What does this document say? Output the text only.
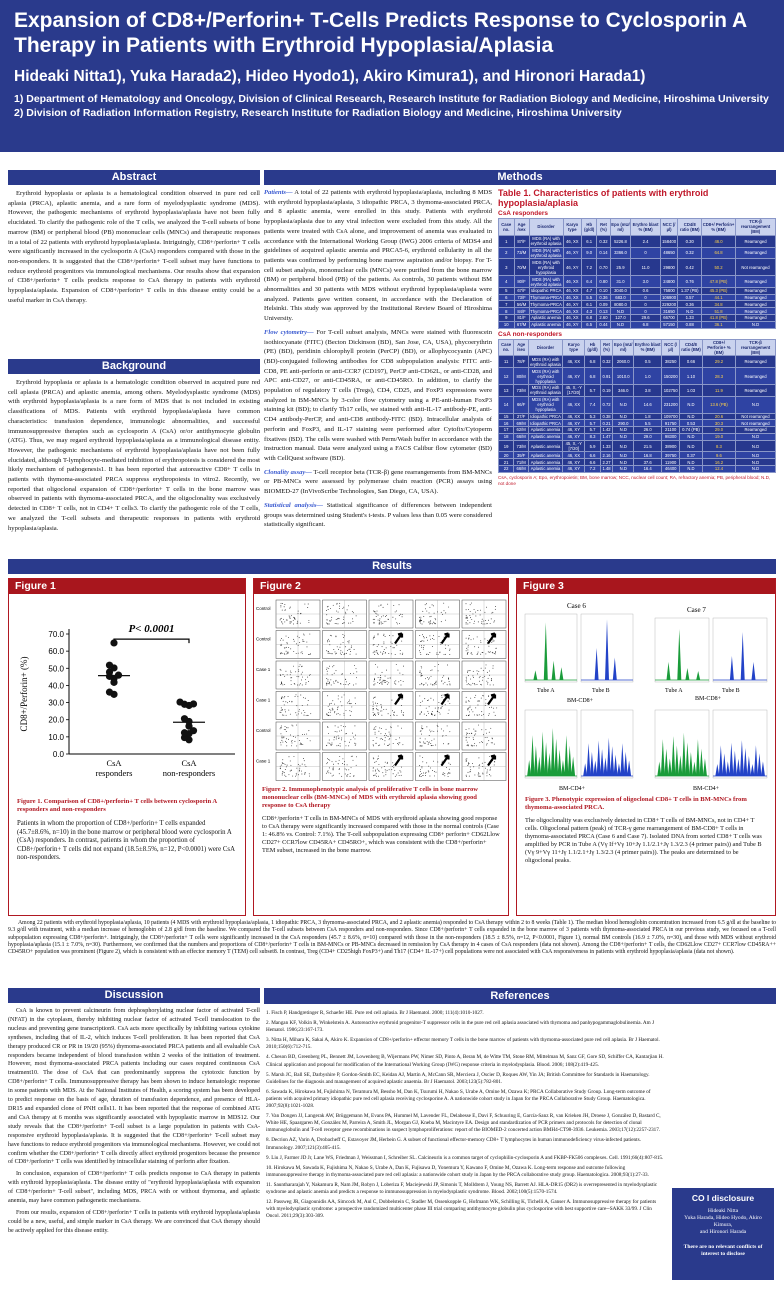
Expansion of CD8+/Perforin+ T-Cells Predicts Response to Cyclosporin A Therapy in Patients with Erythroid Hypoplasia/Aplasia
Hideaki Nitta1), Yuka Harada2), Hideo Hyodo1), Akiro Kimura1), and Hironori Harada1)
1) Department of Hematology and Oncology, Division of Clinical Research, Research Institute for Radiation Biology and Medicine, Hiroshima University
2) Division of Radiation Information Registry, Research Institute for Radiation Biology and Medicine, Hiroshima University
Abstract
Erythroid hypoplasia or aplasia is a hematological condition observed in pure red cell aplasia (PRCA), aplastic anemia, and a rare form of myelodysplastic syndrome (MDS). However, the pathogenic mechanisms of erythroid hypoplasia/aplasia have not been fully elucidated. To clarify the pathogenic role of the T cells, we analyzed the T-cell subsets of bone marrow (BM) or peripheral blood (PB) mononuclear cells (MNCs) and therapeutic responses in a total of 22 patients with erythroid hypoplasia/aplasia. Intriguingly, CD8+/perforin+ T cells were significantly increased in the cyclosporin A (CsA) responders compared with those in the non-responders. It is suggested that the CD8+/perforin+ T-cell subset may have functions to reduce erythroid progenitors via immunological mechanisms. Our results show that expansion of CD8+/perforin+ T cells predicts response to CsA therapy in patients with erythroid hypoplasia/aplasia. Expansion of CD8+/perforin+ T cells in this disease entity could be a useful marker in CsA therapy.
Background
Erythroid hypoplasia or aplasia is a hematologic condition observed in acquired pure red cell aplasia (PRCA) and aplastic anemia, among others. Myelodysplastic syndrome (MDS) with erythroid hypoplasia/aplasia is a rare form of MDS that is not included in existing classifications of MDS. Patients with erythroid hypoplasia/aplasia have common characteristics: transfusion dependence, immunologic abnormalities, and successful immunosuppressive therapies such as cyclosporin A (CsA) or/or antithymocyte globulin (ATG). Thus, we may regard erythroid hypoplasia/aplasia as a immunological disease entity. However, the pathogenic mechanisms of erythroid hypoplasia/aplasia have not been fully elucidated, although T-lymphocyte-mediated inhibition of erythropoiesis is considered the most likely mechanism of pathogenesis1. It has been reported that autoreactive CD8+ T cells in patients with thymoma-associated PRCA suppress erythropoiesis in vitro2. Recently, we reported that oligoclonal expansion of CD8+/perforin+ T cells in the bone marrow was observed in patients with thymoma-associated PRCA, and the oligoclonality was exclusively detected in CD8+ T cells, not in CD4+ T cells3. To clarify the pathogenic role of the T cells, we analyzed the T-cell subsets and therapeutic responses in patients with erythroid hypoplasia/aplasia.
Methods

Patients— A total of 22 patients with erythroid hypoplasia/aplasia, including 8 MDS with erythroid hypoplasia/aplasia, 3 idiopathic PRCA, 3 thymoma-associated PRCA, and 8 aplastic anemia, were enrolled in this study. Patients with erythroid hypoplasia/aplasia due to any viral infection were excluded from this study. All the patients were treated with CsA alone, and improvement of anemia was evaluated in accordance with the International Working Group (IWG) 2006 criteria of MDS4 and guidelines of acquired aplastic anemia and PRCA5-6, erythroid cellularity in all the patients was confirmed by performing bone marrow aspiration and/or biopsy. For T-cell subset analysis, mononuclear cells (MNCs) were purified from the bone marrow (BM) or peripheral blood (PB) of the patients. As controls, 30 patients without BM abnormalities and 30 patients with MDS without erythroid hypoplasia/aplasia were analyzed. Patients gave written consent, in accordance with the Declaration of Helsinki. This study was approved by the Institutional Review Board of Hiroshima University.

Flow cytometry— For T-cell subset analysis, MNCs were stained with fluorescein isothiocyanate (FITC) (Becton Dickinson (BD), San Jose, CA, USA), phycoerythrin (PE) (BD), peridinin chlorophyll protein (PerCP) (BD), or allophycocyanin (APC) (BD)-conjugated following antibodies for CD8 subpopulation analysis: FITC anti-CD8, PE anti-perforin or anti-CCR7 (CD197), PerCP anti-CD62L, or anti-CD28, and APC anti-CD27, or anti-CD45RA, or anti-CD45RO. In addition, to clarify the population of regulatory T cells (Tregs), CD4, CD25, and FoxP3 expressions were analyzed in BM-MNCs by 3-color flow cytometry using a PE-anti-human FoxP3 staining kit (BD); to clarify Th17 cells, we stained with anti-IL-17 antibody-PE, anti-CD4 antibody-PerCP, and anti-CD8 antibody-FITC (BD). Intracellular analysis of perforin and FoxP3, and IL-17 staining were performed after Cytofix/Cytoperm fixatives (BD). The cells were washed with Perm/Wash buffer in accordance with the instruction manual. Data were analyzed using a FACS Calibur flow cytometer (BD) with CellQuest software (BD).

Clonality assay— T-cell receptor beta (TCR-β) gene rearrangements from BM-MNCs or PB-MNCs were assessed by polymerase chain reaction (PCR) assays using BIOMED-27 (InVivoScribe Technologies, San Diego, CA, USA).

Statistical analysis— Statistical significance of differences between independent groups was determined using Student's t-tests. P values less than 0.05 were considered statistically significant.

Table 1. Characteristics of patients with erythroid hypoplasia/aplasia
CsA responders
Case no.	Age /sex	Disorder	Karyo type	Hb (g/dl)	Ret (%)	Epo (mU/ ml)	Erythro blast % (BM)	NCC (/µl)	CD4/8 ratio (BM)	CD8+/ Perforin+ % (BM)	TCR-β rearrangement (BM)
1	87/F	MDS (RA) with erythroid aplasia	46, XX	6.1	0.32	5226.8	2.4	158400	0.30	46.0	Rearranged
2	73/M	MDS (RA) with erythroid aplasia	46, XY	9.0	0.14	3366.0	0	48650	0.32	64.8	Rearranged
3	70/M	MDS (RA) with erythroid hypoplasia	46, XY	7.2	0.70	25.9	11.0	29800	0.42	50.2	Not rearranged
4	80/F	MDS (RA) with erythroid aplasia	46, XX	6.4	0.80	31.0	3.0	24800	0.76	47.8 (PB)	Rearranged
5	67/F	Idiopathic PRCA	46, XX	4.7	0.10	3040.0	0.6	75800	1.37 (PB)	45.3 (PB)	Rearranged
6	73/F	Thymoma-PRCA	46, XX	5.5	0.36	683.0	0	106900	0.57	44.1	Rearranged
7	56/M	Thymoma-PRCA	46, XY	6.1	0.09	8080.0	0	229200	0.36	34.8	Rearranged
8	84/F	Thymoma-PRCA	46, XX	4.3	0.13	N.D	0	31650	N.D	51.8	Rearranged
9	81/F	Aplastic anemia	46, XX	6.8	2.60	127.0	29.6	66700	1.33	41.8 (PB)	Rearranged
10	67/M	Aplastic anemia	46, XY	6.5	0.44	N.D	6.8	57150	0.88	36.1	N.D
CsA non-responders
Case no.	Age /sex	Disorder	Karyo type	Hb (g/dl)	Ret (%)	Epo (mU/ ml)	Erythro blast % (BM)	NCC (/µl)	CD4/8 ratio (BM)	CD8+/ Perforin+ % (BM)	TCR-β rearrangement (BM)
11	78/F	MDS (RA) with erythroid aplasia	46, XX	6.8	0.32	2060.0	0.5	38250	0.66	29.2	Rearranged
12	80/M	MDS (RA) with erythroid hypoplasia	46, XY	6.8	0.91	1010.0	1.0	150200	1.10	28.3	Rearranged
13	73/M	MDS (RA) with erythroid aplasia	45, X, -Y [17/20]	5.7	0.19	346.0	3.8	102750	1.03	11.9	Rearranged
14	66/F	MDS (RA) with erythroid hypoplasia	46, XX	7.4	0.72	N.D	14.6	231200	N.D	13.6 (PB)	N.D
15	27/F	Idiopathic PRCA	46, XX	5.3	0.38	N.D	1.8	109700	N.D	20.6	Not rearranged
16	69/M	Idiopathic PRCA	46, XY	5.7	0.21	290.0	5.5	91750	0.53	30.3	Not rearranged
17	62/M	Aplastic anemia	46, XY	5.7	1.42	N.D	26.0	21100	0.74 (PB)	29.0	Rearranged
18	66/M	Aplastic anemia	46, XY	8.3	1.47	N.D	29.0	98300	N.D	19.0	N.D
19	73/M	Aplastic anemia	45, X, -Y [7/20]	5.9	1.33	N.D	21.5	38900	N.D	8.3	N.D
20	39/F	Aplastic anemia	46, XX	6.6	2.16	N.D	16.8	39750	0.37	9.6	N.D
21	71/M	Aplastic anemia	46, XY	6.6	2.27	N.D	37.6	11900	N.D	16.2	N.D
22	66/M	Aplastic anemia	46, XY	7.2	1.48	N.D	16.4	46400	N.D	12.4	N.D
CsA, cyclosporin A; Epo, erythropoietin; BM, bone marrow; NCC, nuclear cell count; RA, refractory anemia; PB, peripheral blood; N.D, not done
Results
Figure 1
0.0
10.0
20.0
30.0
40.0
50.0
60.0
70.0
CD8+/Perforin+ (%)
CsA
responders
CsA
non-responders
P< 0.0001
Figure 1. Comparison of CD8+/perforin+ T cells between cyclosporin A responders and non-responders
Patients in whom the proportion of CD8+/perforin+ T cells expanded (45.7±8.6%, n=10) in the bone marrow or peripheral blood were cyclosporin A (CsA) responders. In contrast, patients in whom the proportion of CD8+/perforin+ T cells did not expand (18.5±8.5%, n=12, P<0.0001) were CsA non-responders.
Figure 2
Control
Control
Case 1
Case 1
Control
Case 1
Figure 2. Immunophenotypic analysis of proliferative T cells in bone marrow mononuclear cells (BM-MNCs) of MDS with erythroid aplasia showing good response to CsA therapy
CD8+/perforin+ T cells in BM-MNCs of MDS with erythroid aplasia showing good response to CsA therapy were significantly increased compared with those in the normal controls (Case 1: 46.8% vs. Control: 7.1%). The T-cell subpopulation expressing CD8+ perforin+ CD62Llow CD27+ CCR7low CD45RA+ CD45RO+, which was consistent with the CD8+/perforin+ TEM subset, increased in the bone marrow.
Figure 3
Case 6	Case 7
Tube A	Tube B
BM-CD8+
Tube A	Tube B
BM-CD8+
BM-CD4+	BM-CD4+
Figure 3. Phenotypic expression of oligoclonal CD8+ T cells in BM-MNCs from thymoma-associated PRCA.
The oligoclonality was exclusively detected in CD8+ T cells of BM-MNCs, not in CD4+ T cells. Oligoclonal pattern (peak) of TCR-γ gene rearrangement of BM-CD8+ T cells in thymoma-associated PRCA (Case 6 and Case 7). Isolated DNA from sorted CD8+ T cells was amplified by PCR in Tube A (Vγ If+Vγ 10+Jγ 1.1/2.1+Jγ 1.3/2.3 (4 primer pairs)) and Tube B (Vγ 9+Vγ 11+Jγ 1.1/2.1+Jγ 1.3/2.3 (4 primer pairs)). The peaks are determined to be oligoclonal peaks.
Among 22 patients with erythroid hypoplasia/aplasia, 10 patients (4 MDS with erythroid hypoplasia/aplasia, 1 idiopathic PRCA, 3 thymoma-associated PRCA, and 2 aplastic anemia) responded to CsA therapy within 2 to 8 weeks (Table 1). The median blood hemoglobin concentration increased from 6.5 g/dl at the baseline to 9.3 g/dl with treatment, with a median increase of hemoglobin of 2.8 g/dl from the baseline. We compared the T-cell subsets between CsA responders and non-responders. Since CD8+/perforin+ T cells expanded in the bone marrow of 3 patients with thymoma-associated PRCA in our previous study, we focused on a T-cell subpopulation expressing CD8+/perforin+. Intriguingly, the CD8+/perforin+ T cells were significantly increased in the CsA responders (45.7 ± 8.6%, n=10) compared with those in the non-responders (18.5 ± 8.5%, n=12, P<0.0001, Figure 1), normal BM controls (16.9 ± 7.0%, n=30), and those with MDS without erythroid hypoplasia/aplasia (15.1 ± 7.0%, n=30). Furthermore, we confirmed that the numbers and proportions of CD8+/perforin+ T cells in BM-MNCs or PB-MNCs decreased in remission by CsA therapy in 4 cases of CsA responders (data not shown). Among the CD8+/perforin+ T cells, the CD62Llow CD27+ CCR7low CD45RA++ CD45RO+ population was prominent (Figure 2), which is consistent with an effector memory T (TEM) cell subset8. In contrast, Treg (CD4+ CD25high FoxP3+) and Th17 (CD4+ IL-17+) cell populations were not associated with CsA responsiveness in patients with erythroid hypoplasia/aplasia (data not shown).
Discussion

CsA is known to prevent calcineurin from dephosphorylating nuclear factor of activated T-cell (NFAT) in the cytoplasm, thereby inhibiting nuclear factor of activated T-cell translocation to the nucleus and preventing gene transcription9. CsA acts more specifically by inhibiting various cytokine syntheses, including that of IL-2, which induces T-cell proliferation. It has been reported that CsA therapy produced CR or PR in 19/20 (95%) thymoma-associated PRCA patients and all evaluable CsA responders became independent of blood transfusion within 2 weeks of the initiation of treatment. However, most thymoma-associated PRCA patients including our cases required continuous CsA treatment10. The dose of CsA that can predominantly suppress the cytotoxic function by CD8+/perforin+ T cells. Immunosuppressive therapy has been shown to induce hematologic response in some patients with MDS. At the National Institutes of Health, a scoring system has been developed to predict response on the basis of age, duration of transfusion dependence, and presence of HLA-DR15 and expanded clone of PNH cells11. It has been reported that the response of combined ATG and CsA therapy at 6 months was significantly associated with hypoplastic marrow in MDS12. Our study reveals that the CD8+/perforin+ T-cell subset is a large population in patients with CsA-responsive erythroid hypoplasia/aplasia. It is suggested that the CD8+/perforin+ T-cell subset may have functions to reduce erythroid progenitors via immunological mechanisms. However, we could not confirm whether the CD8+/perforin+ T cells directly affect erythroid progenitors because the presence of CD8+/perforin+ T cells was identified by intracellular staining of perforin after fixation.

In conclusion, expansion of CD8+/perforin+ T cells predicts response to CsA therapy in patients with erythroid hypoplasia/aplasia. The disease entity of "erythroid hypoplasia/aplasia with expansion of CD8+/perforin+ T-cell subset", including MDS, PRCA with or without thymoma, and aplastic anemia, may have common pathogenetic mechanisms.

From our results, expansion of CD8+/perforin+ T cells in patients with erythroid hypoplasia/aplasia could be a new, useful, and simple marker in CsA therapy. We are convinced that CsA therapy should be actively applied for this disease entity.

References

1. Fisch P, Handgretinger R, Schaefer HE. Pure red cell aplasia. Br J Haematol. 2000; 111(4):1010-1027.

2. Mangan KF, Volkin R, Winkelstein A. Autoreactive erythroid progenitor-T suppressor cells in the pure red cell aplasia associated with thymoma and panhypogammaglobulinemia. Am J Hematol. 1986;23:167-173.

3. Nitta H, Mihara K, Sakai A, Akiro K. Expansion of CD8+/perforin+ effector memory T cells in the bone marrow of patients with thymoma-associated pure red cell aplasia. Br J Haematol. 2010;150(6):712-715.

4. Cheson BD, Greenberg PL, Bennett JM, Lowenberg B, Wijermans PW, Nimer SD, Pinto A, Beran M, de Witte TM, Stone RM, Mittelman M, Sanz GF, Gore SD, Schiffer CA, Kantarjian H. Clinical application and proposal for modification of the International Working Group (IWG) response criteria in myelodysplasia. Blood. 2006; 108(2):419-425.

5. Marsh JC, Ball SE, Darbyshire P, Gordon-Smith EC, Keidan AJ, Martin A, McCann SR, Mercieca J, Oscier D, Roques AW, Yin JA; British Committee for Standards in Haematology. Guidelines for the diagnosis and management of acquired aplastic anaemia. Br J Haematol. 2003;123(5):782-801.

6. Sawada K, Hirokawa M, Fujishima N, Teramura M, Bessho M, Dan K, Tsurumi H, Nakao S, Urabe A, Omine M, Ozawa K; PRCA Collaborative Study Group. Long-term outcome of patients with acquired primary idiopathic pure red cell aplasia receiving cyclosporine A. A nationwide cohort study in Japan for the PRCA Collaborative Study Group. Haematologica. 2007;92(8):1021-1028.

7. Van Dongen JJ, Langerak AW, Brüggemann M, Evans PA, Hummel M, Lavender FL, Delabesse E, Davi F, Schuuring E, García-Sanz R, van Krieken JH, Droese J, González D, Bastard C, White HE, Spaargaren M, González M, Parreira A, Smith JL, Morgan GJ, Kneba M, Macintyre EA. Design and standardization of PCR primers and protocols for detection of clonal immunoglobulin and T-cell receptor gene recombinations in suspect lymphoproliferations: report of the BIOMED-2 concerted action BMH4-CT98-3936. Leukemia. 2003;17(12):2257-2317.

8. Decrion AZ, Varin A, Drobacheff C, Estavoyer JM, Herbein G. A subset of functional effector-memory CD8+ T lymphocytes in human immunodeficiency virus-infected patients. Immunology. 2007;121(3):405-415.

9. Liu J, Farmer JD Jr, Lane WS, Friedman J, Weissman I, Schreiber SL. Calcineurin is a common target of cyclophilin-cyclosporin A and FKBP-FK506 complexes. Cell. 1991;66(4):807-815.

10. Hirokawa M, Sawada K, Fujishima N, Nakao S, Urabe A, Dan K, Fujisawa D, Yonemura Y, Kawano F, Omine M, Ozawa K. Long-term response and outcome following immunosuppressive therapy in thymoma-associated pure red cell aplasia: a nationwide cohort study in Japan by the PRCA collaborative study group. Haematologica. 2008;93(1):27-33.

11. Saunthararajah Y, Nakamura R, Nam JM, Robyn J, Loberiza F, Maciejewski JP, Simonis T, Molldrem J, Young NS, Barrett AJ. HLA-DR15 (DR2) is overrepresented in myelodysplastic syndrome and aplastic anemia and predicts a response to immunosuppression in myelodysplastic syndrome. Blood. 2002;100(5):1570-1574.

12. Passweg JR, Giagounidis AA, Simcock M, Aul C, Dobbelstein C, Stadler M, Ossenkopple G, Hofmann WK, Schilling K, Tichelli A, Ganser A. Immunosuppressive therapy for patients with myelodysplastic syndrome: a prospective randomized multicenter phase III trial comparing antithymocyte globulin plus cyclosporine with best supportive care--SAKK 33/99. J Clin Oncol. 2011;29(3):303-309.

CO I disclosure
Hideaki Nitta
Yuka Harada, Hideo Hyodo, Akiro Kimura,
and Hironori Harada
There are no relevant conflicts of interest to disclose
